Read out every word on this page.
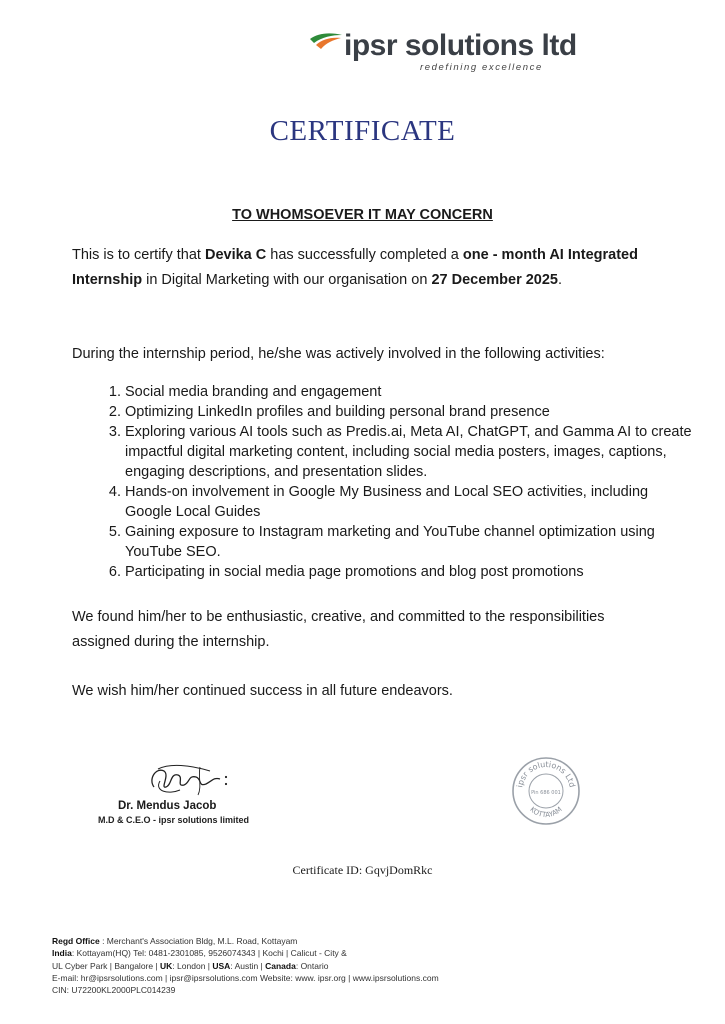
ipsr solutions ltd
redefining excellence
CERTIFICATE
TO WHOMSOEVER IT MAY CONCERN

This is to certify that Devika C has successfully completed a one - month AI Integrated Internship in Digital Marketing with our organisation on 27 December 2025.

During the internship period, he/she was actively involved in the following activities:

1. Social media branding and engagement
2. Optimizing LinkedIn profiles and building personal brand presence
3. Exploring various AI tools such as Predis.ai, Meta AI, ChatGPT, and Gamma AI to create impactful digital marketing content, including social media posters, images, captions, engaging descriptions, and presentation slides.
4. Hands-on involvement in Google My Business and Local SEO activities, including Google Local Guides
5. Gaining exposure to Instagram marketing and YouTube channel optimization using YouTube SEO.
6. Participating in social media page promotions and blog post promotions

We found him/her to be enthusiastic, creative, and committed to the responsibilities assigned during the internship.

We wish him/her continued success in all future endeavors.

Dr. Mendus Jacob
M.D & C.E.O - ipsr solutions limited
ipsr solutions Ltd
KOTTAYAM
Pin 686 001
Certificate ID: GqvjDomRkc
Regd Office : Merchant's Association Bldg, M.L. Road, Kottayam
India: Kottayam(HQ) Tel: 0481-2301085, 9526074343 | Kochi | Calicut - City &
UL Cyber Park | Bangalore | UK: London | USA: Austin | Canada: Ontario
E-mail: hr@ipsrsolutions.com | ipsr@ipsrsolutions.com Website: www. ipsr.org | www.ipsrsolutions.com
CIN: U72200KL2000PLC014239
